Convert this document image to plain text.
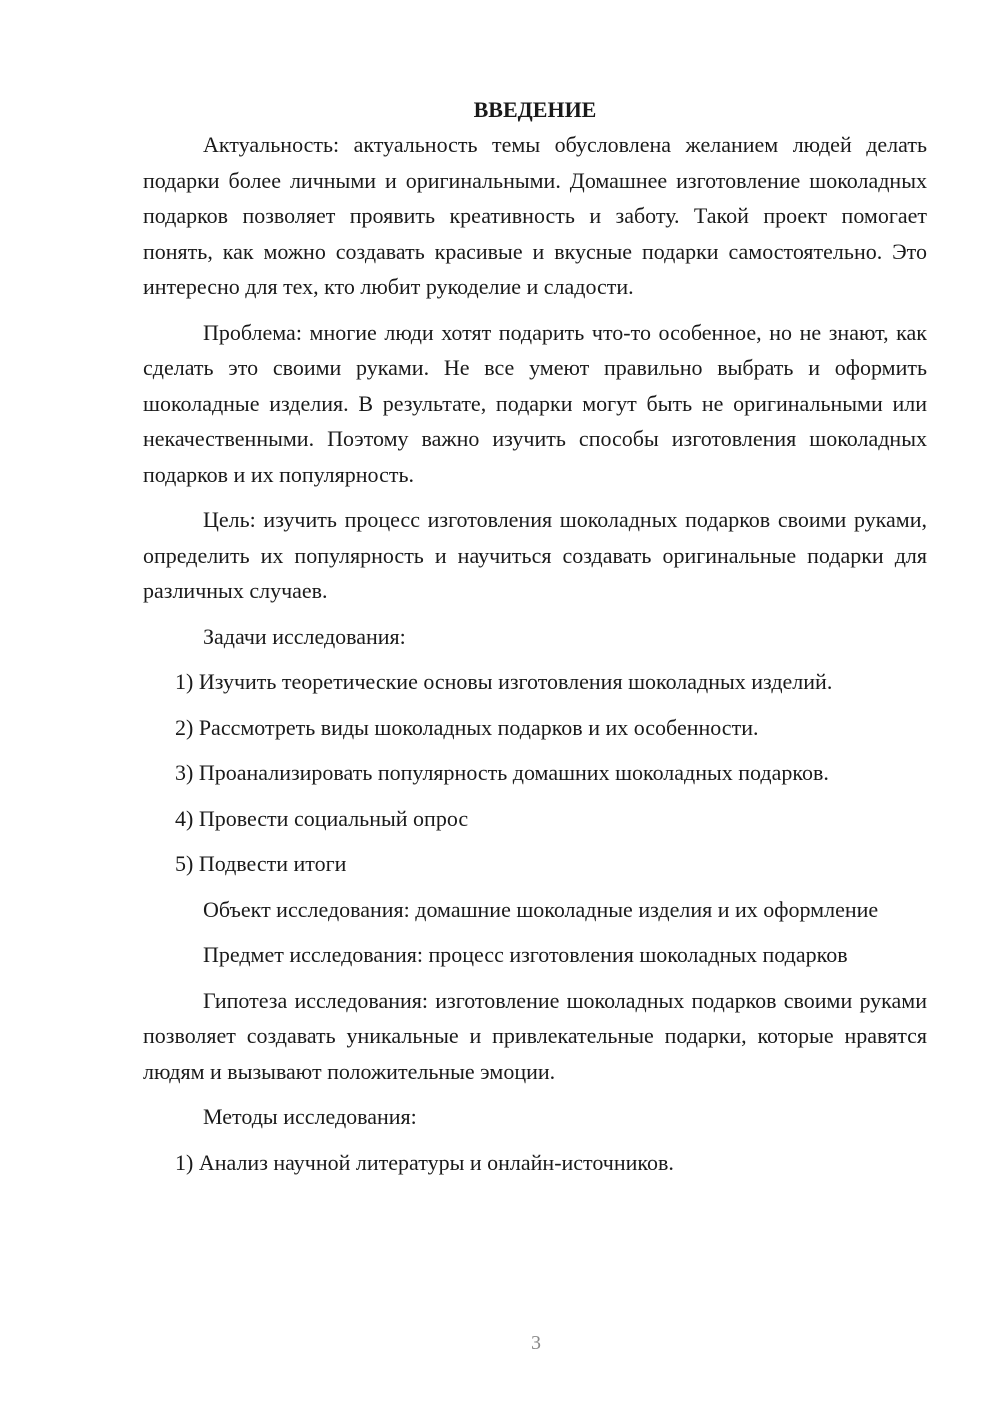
ВВЕДЕНИЕ

Актуальность: актуальность темы обусловлена желанием людей делать подарки более личными и оригинальными. Домашнее изготовление шоколадных подарков позволяет проявить креативность и заботу. Такой проект помогает понять, как можно создавать красивые и вкусные подарки самостоятельно. Это интересно для тех, кто любит рукоделие и сладости.

Проблема: многие люди хотят подарить что-то особенное, но не знают, как сделать это своими руками. Не все умеют правильно выбрать и оформить шоколадные изделия. В результате, подарки могут быть не оригинальными или некачественными. Поэтому важно изучить способы изготовления шоколадных подарков и их популярность.

Цель: изучить процесс изготовления шоколадных подарков своими руками, определить их популярность и научиться создавать оригинальные подарки для различных случаев.

Задачи исследования:

1) Изучить теоретические основы изготовления шоколадных изделий.

2) Рассмотреть виды шоколадных подарков и их особенности.

3) Проанализировать популярность домашних шоколадных подарков.

4) Провести социальный опрос

5) Подвести итоги

Объект исследования: домашние шоколадные изделия и их оформление

Предмет исследования: процесс изготовления шоколадных подарков

Гипотеза исследования: изготовление шоколадных подарков своими руками позволяет создавать уникальные и привлекательные подарки, которые нравятся людям и вызывают положительные эмоции.

Методы исследования:

1) Анализ научной литературы и онлайн-источников.

3
